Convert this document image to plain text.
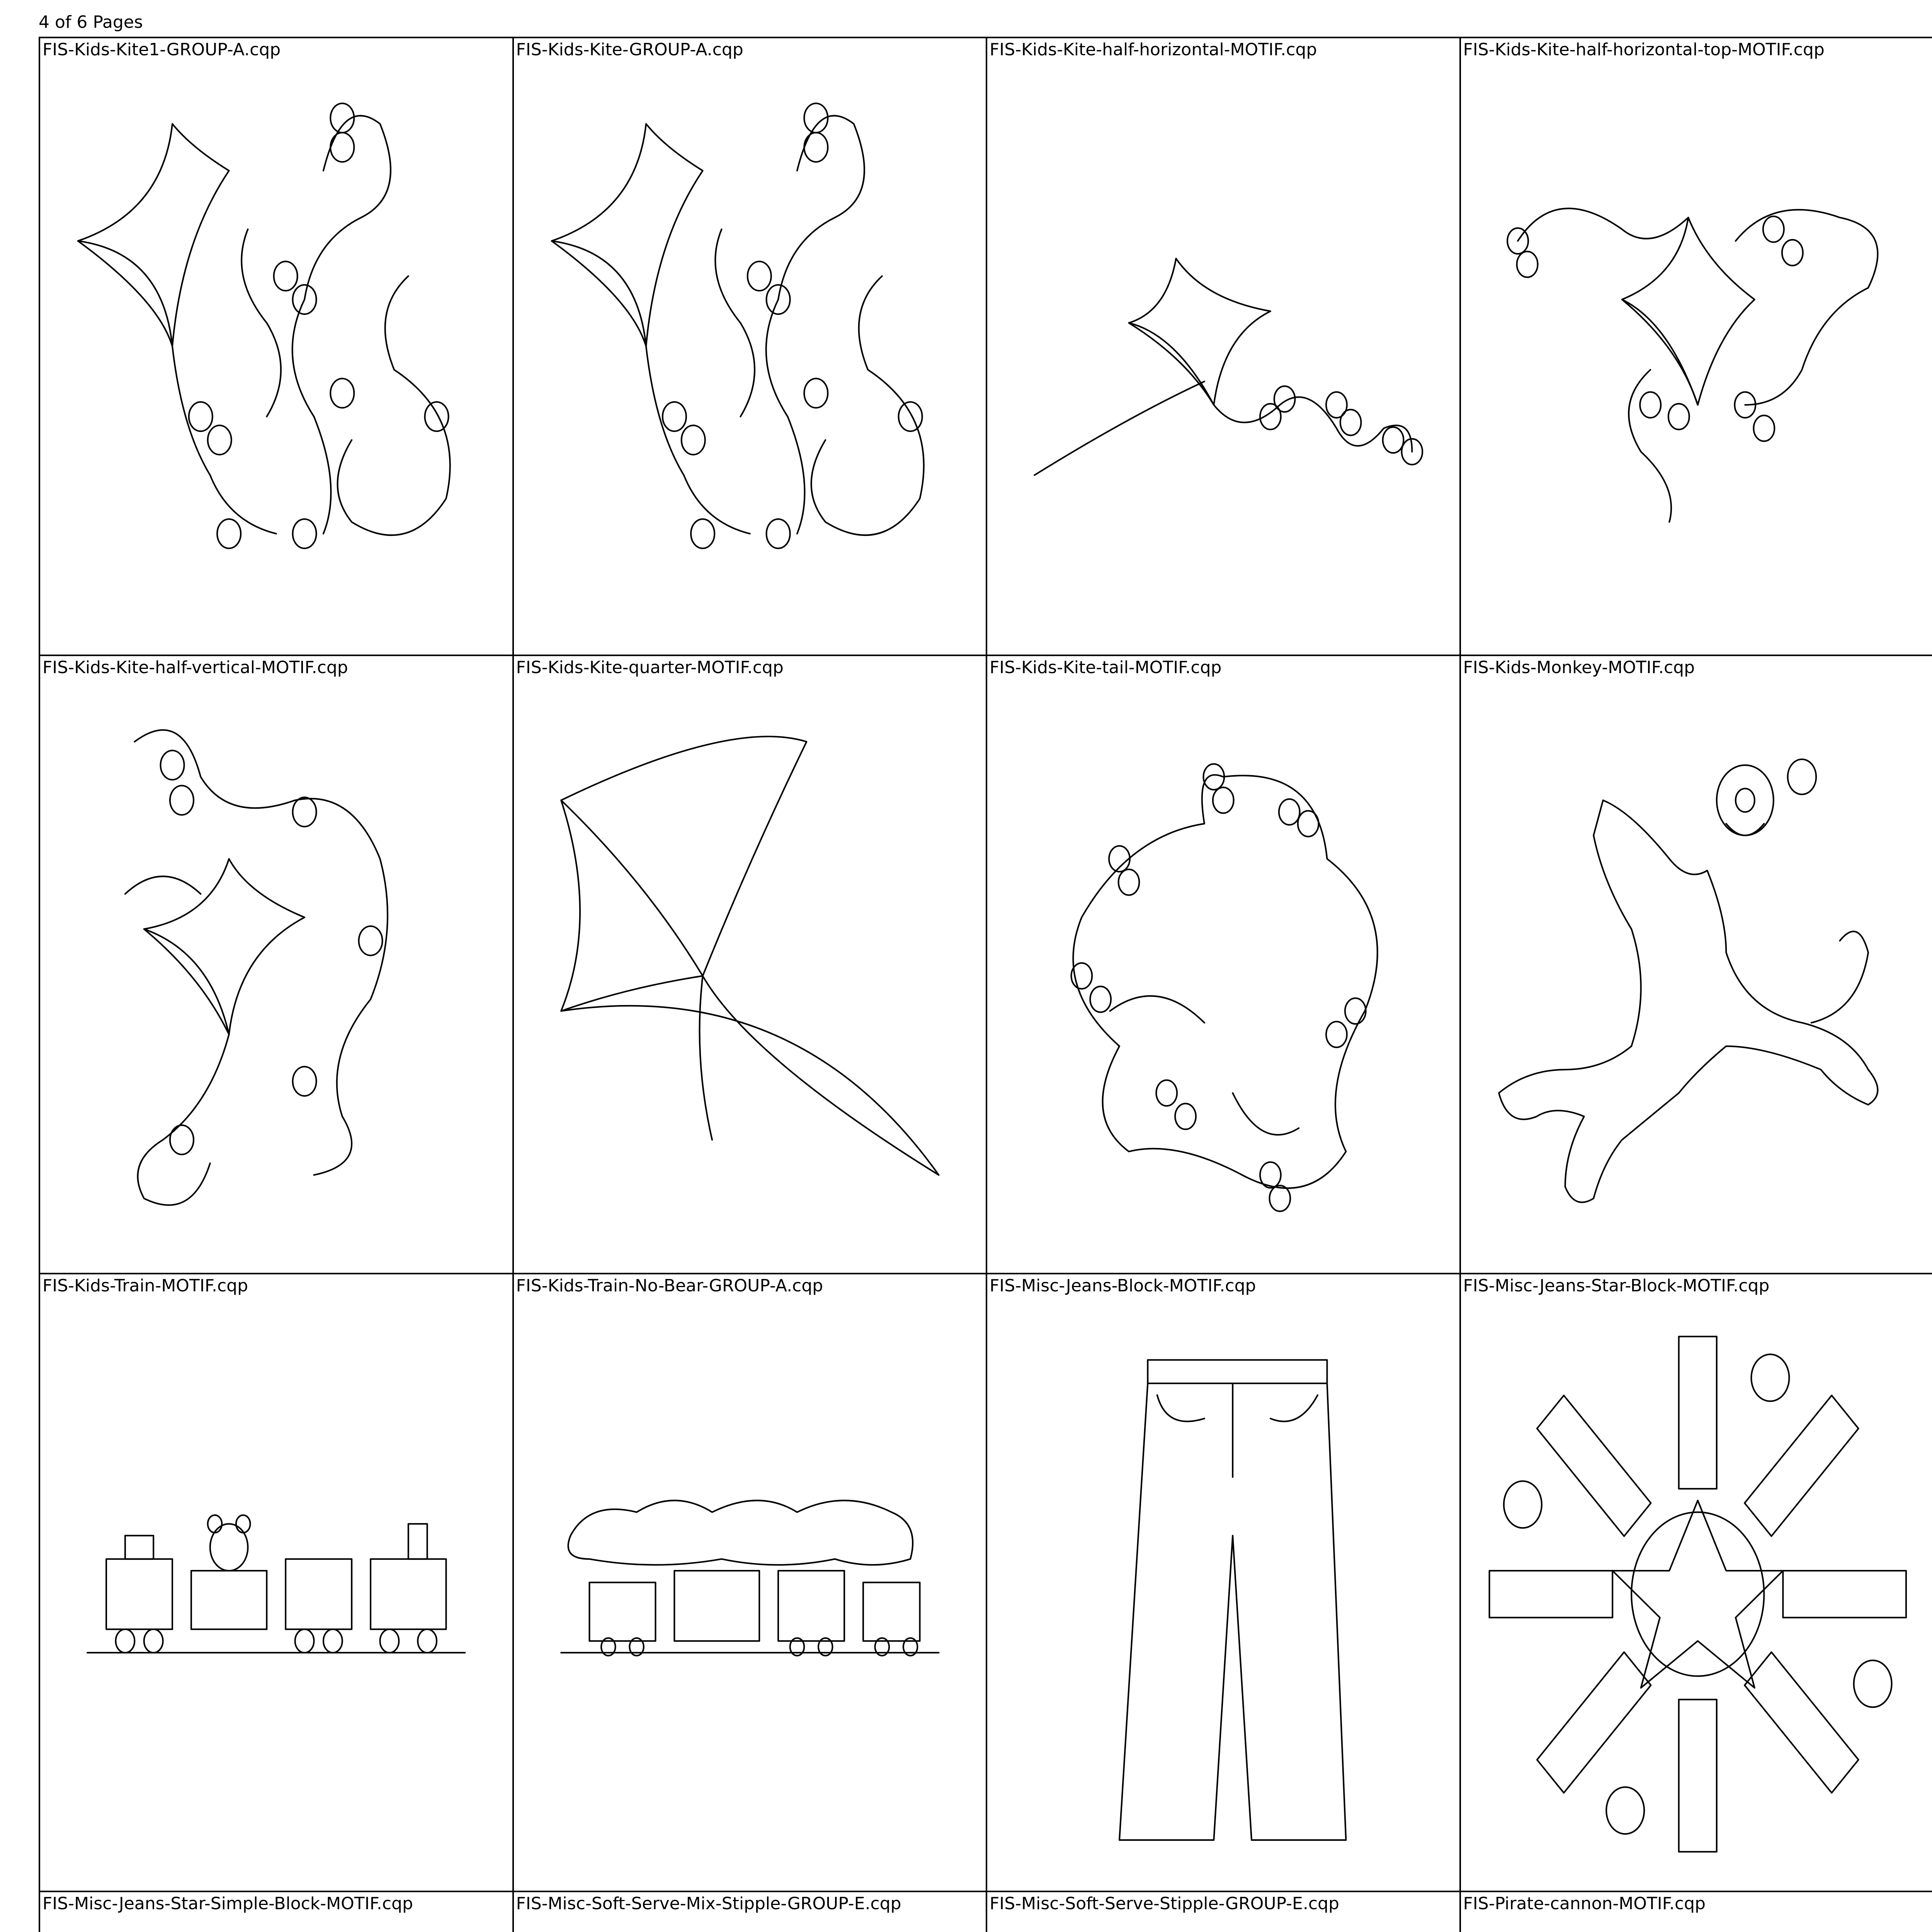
4 of 6 Pages
FIS-Kids-Kite1-GROUP-A.cqp	FIS-Kids-Kite-GROUP-A.cqp	FIS-Kids-Kite-half-horizontal-MOTIF.cqp	FIS-Kids-Kite-half-horizontal-top-MOTIF.cqp
FIS-Kids-Kite-half-vertical-MOTIF.cqp	FIS-Kids-Kite-quarter-MOTIF.cqp	FIS-Kids-Kite-tail-MOTIF.cqp	FIS-Kids-Monkey-MOTIF.cqp
FIS-Kids-Train-MOTIF.cqp	FIS-Kids-Train-No-Bear-GROUP-A.cqp	FIS-Misc-Jeans-Block-MOTIF.cqp	FIS-Misc-Jeans-Star-Block-MOTIF.cqp
FIS-Misc-Jeans-Star-Simple-Block-MOTIF.cqp	FIS-Misc-Soft-Serve-Mix-Stipple-GROUP-E.cqp	FIS-Misc-Soft-Serve-Stipple-GROUP-E.cqp	FIS-Pirate-cannon-MOTIF.cqp
